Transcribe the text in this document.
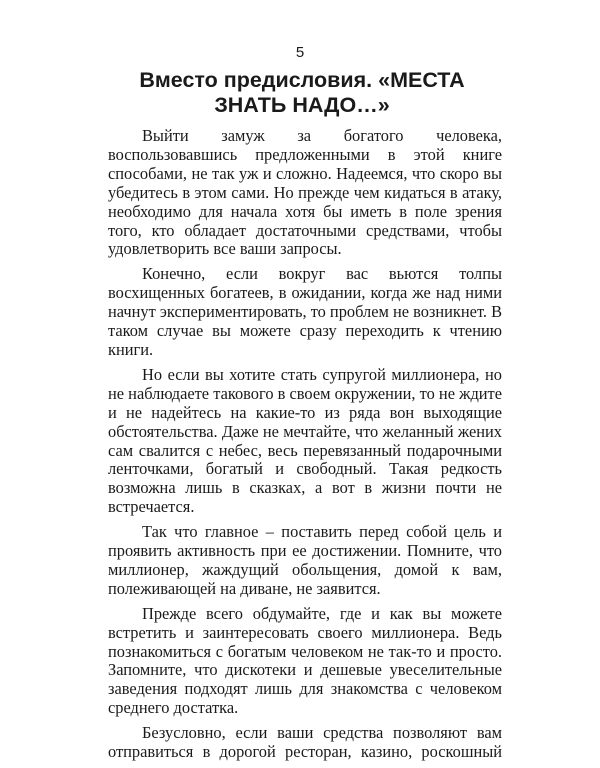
5
Вместо предисловия. «МЕСТА ЗНАТЬ НАДО…»

Выйти замуж за богатого человека, воспользовавшись предложенными в этой книге способами, не так уж и сложно. Надеемся, что скоро вы убедитесь в этом сами. Но прежде чем кидаться в атаку, необходимо для начала хотя бы иметь в поле зрения того, кто обладает достаточными средствами, чтобы удовлетворить все ваши запросы.

Конечно, если вокруг вас вьются толпы восхищенных богатеев, в ожидании, когда же над ними начнут экспериментировать, то проблем не возникнет. В таком случае вы можете сразу переходить к чтению книги.

Но если вы хотите стать супругой миллионера, но не наблюдаете такового в своем окружении, то не ждите и не надейтесь на какие-то из ряда вон выходящие обстоятельства. Даже не мечтайте, что желанный жених сам свалится с небес, весь перевязанный подарочными ленточками, богатый и свободный. Такая редкость возможна лишь в сказках, а вот в жизни почти не встречается.

Так что главное – поставить перед собой цель и проявить активность при ее достижении. Помните, что миллионер, жаждущий обольщения, домой к вам, полеживающей на диване, не заявится.

Прежде всего обдумайте, где и как вы можете встретить и заинтересовать своего миллионера. Ведь познакомиться с богатым человеком не так-то и просто. Запомните, что дискотеки и дешевые увеселительные заведения подходят лишь для знакомства с человеком среднего достатка.

Безусловно, если ваши средства позволяют вам отправиться в дорогой ресторан, казино, роскошный
